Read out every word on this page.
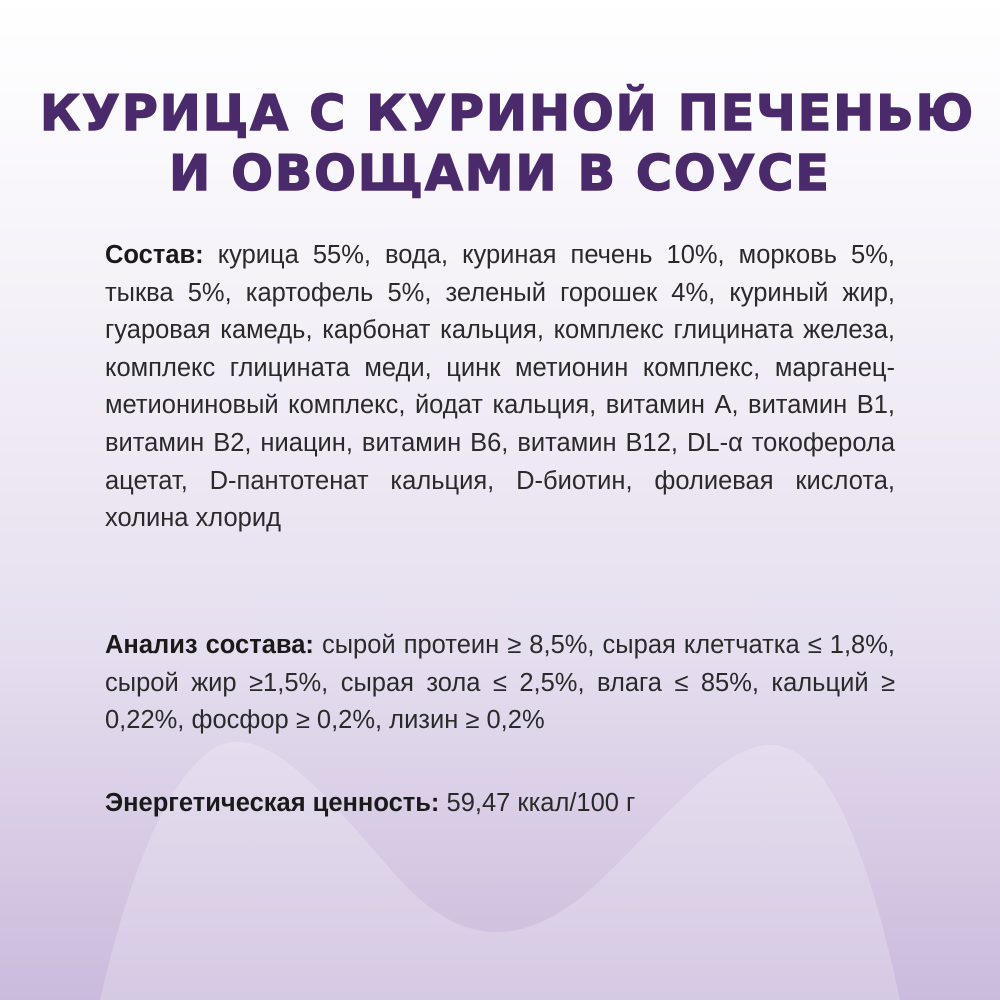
КУРИЦА С КУРИНОЙ ПЕЧЕНЬЮ
И ОВОЩАМИ В СОУСЕ

Состав: курица 55%, вода, куриная печень 10%, морковь 5%, тыква 5%, картофель 5%, зеленый горошек 4%, куриный жир, гуаровая камедь, карбонат кальция, комплекс глицината железа, комплекс глицината меди, цинк метионин комплекс, марганец-метиониновый комплекс, йодат кальция, витамин A, витамин B1, витамин B2, ниацин, витамин B6, витамин B12, DL-α токоферола ацетат, D-пантотенат кальция, D-биотин, фолиевая кислота, холина хлорид

Анализ состава: сырой протеин ≥ 8,5%, сырая клетчатка ≤ 1,8%, сырой жир ≥1,5%, сырая зола ≤ 2,5%, влага ≤ 85%, кальций ≥ 0,22%, фосфор ≥ 0,2%, лизин ≥ 0,2%

Энергетическая ценность: 59,47 ккал/100 г
